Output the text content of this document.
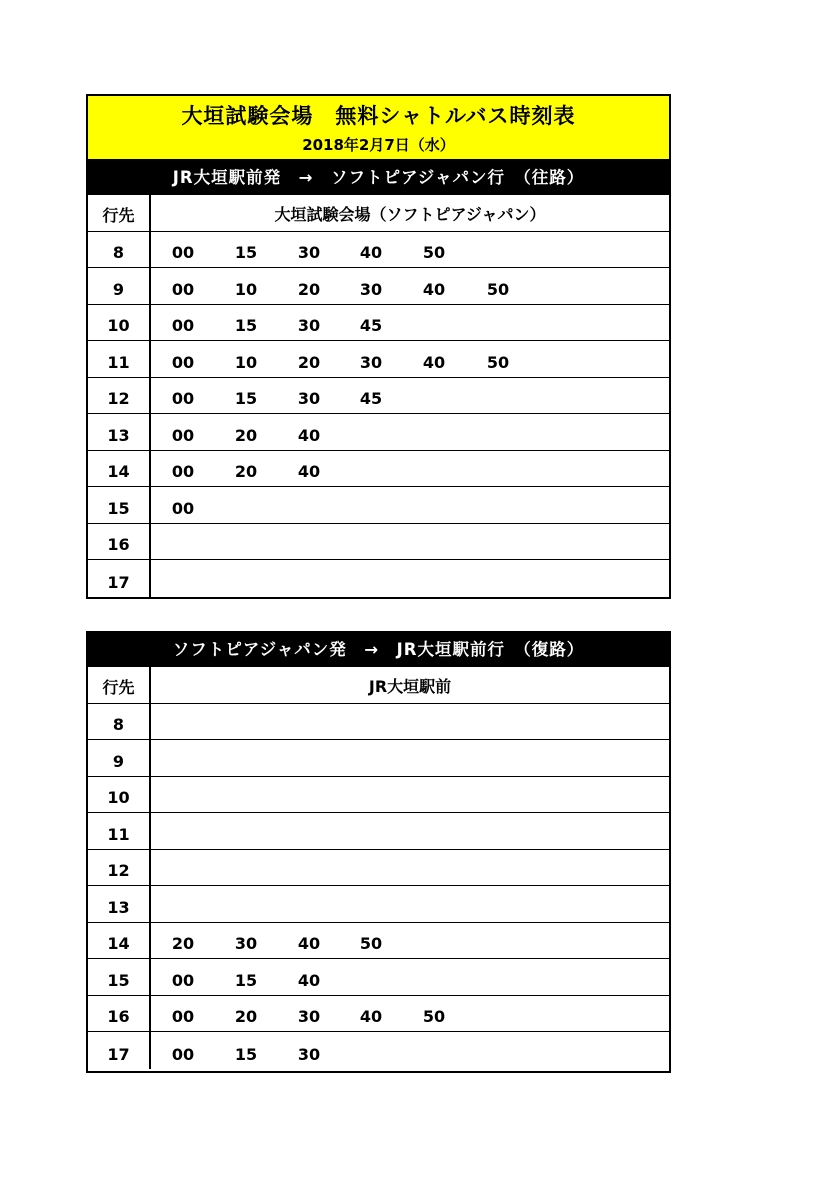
大垣試験会場　無料シャトルバス時刻表
2018年2月7日（水）
JR大垣駅前発　→　ソフトピアジャパン行　（往路）
行先	大垣試験会場（ソフトピアジャパン）
8	00	15	30	40	50
9	00	10	20	30	40	50
10	00	15	30	45
11	00	10	20	30	40	50
12	00	15	30	45
13	00	20	40
14	00	20	40
15	00
16
17
ソフトピアジャパン発　→　JR大垣駅前行　（復路）
行先	JR大垣駅前
8
9
10
11
12
13
14	20	30	40	50
15	00	15	40
16	00	20	30	40	50
17	00	15	30
